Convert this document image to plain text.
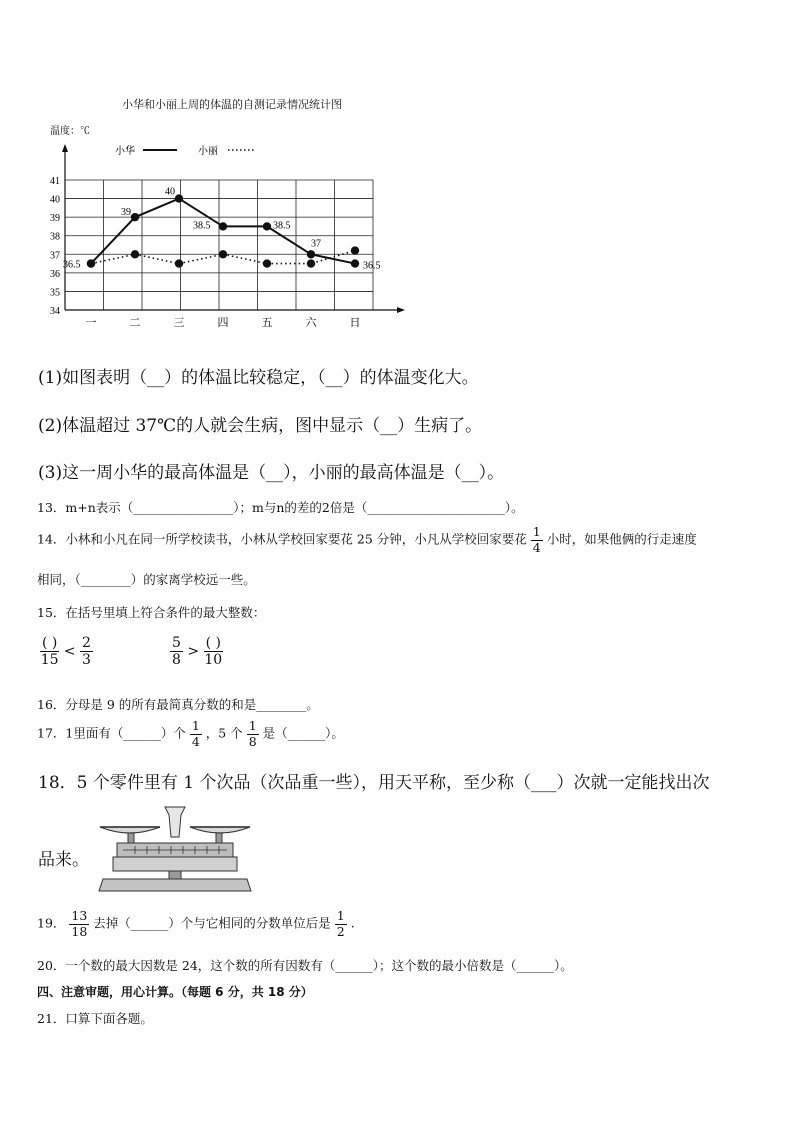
小华和小丽上周的体温的自测记录情况统计图
34
35
36
37
38
39
40
41
温度：℃
一	二	三	四	五	六	日
小华	小丽
36.5
39
40
38.5	38.5
37
36.5
(1)如图表明（__）的体温比较稳定，（__）的体温变化大。
(2)体温超过 37℃的人就会生病，图中显示（__）生病了。
(3)这一周小华的最高体温是（__），小丽的最高体温是（__）。
13．m+n表示（________________）；m与n的差的2倍是（______________________）。
14．小林和小凡在同一所学校读书，小林从学校回家要花 25 分钟，小凡从学校回家要花 $\frac{1}{4}$ 小时，如果他俩的行走速度
相同，（________）的家离学校远一些。
15．在括号里填上符合条件的最大整数：
$\frac{( )}{15} < \frac{2}{3}$	$\frac{5}{8} > \frac{( )}{10}$
16．分母是 9 的所有最简真分数的和是________。
17．1里面有（______）个 $\frac{1}{4}$ ，5 个 $\frac{1}{8}$ 是（______）。
18．5 个零件里有 1 个次品（次品重一些），用天平称，至少称（___）次就一定能找出次
品来。
19． $\frac{13}{18}$ 去掉（______）个与它相同的分数单位后是 $\frac{1}{2}$ .
20．一个数的最大因数是 24，这个数的所有因数有（______）；这个数的最小倍数是（______）。
四、注意审题，用心计算。（每题 6 分，共 18 分）
21．口算下面各题。
